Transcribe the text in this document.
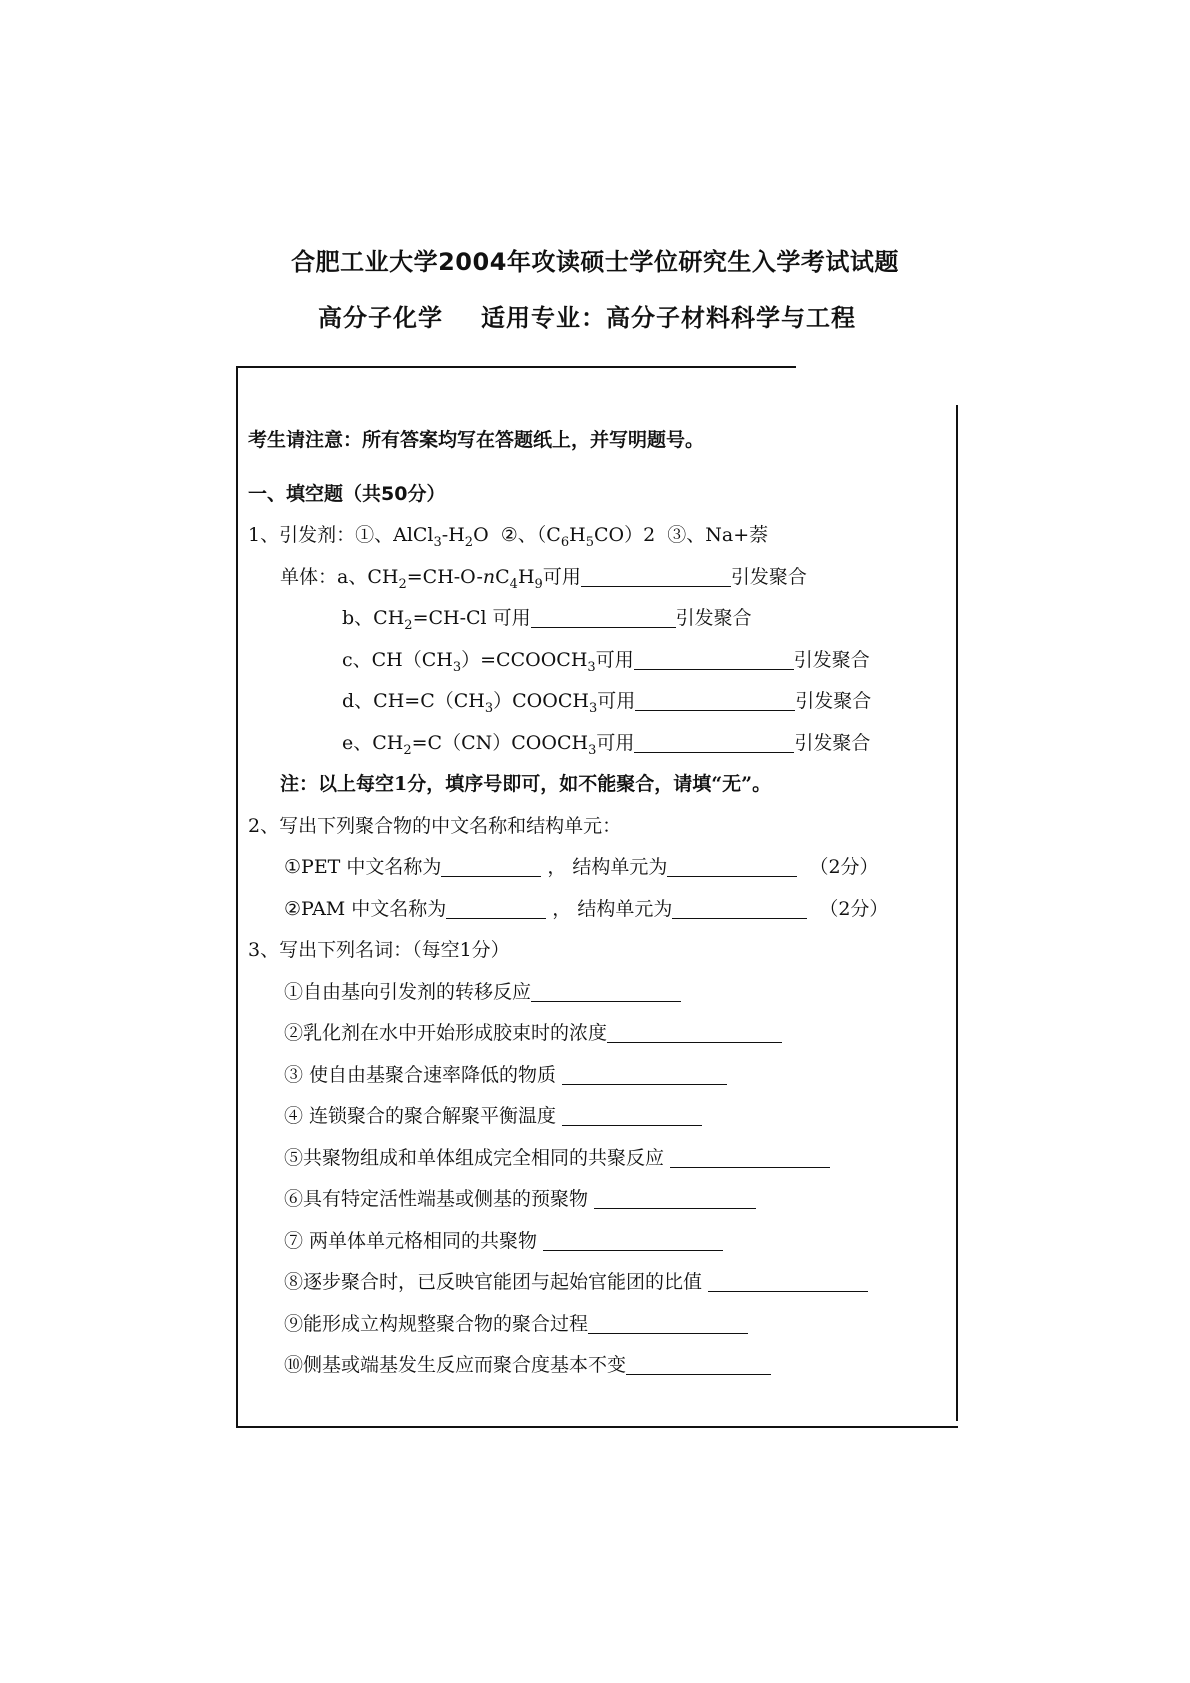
合肥工业大学2004年攻读硕士学位研究生入学考试试题
高分子化学 适用专业：高分子材料科学与工程
考生请注意：所有答案均写在答题纸上，并写明题号。
一、填空题（共50分）
1、引发剂：①、$AlCl_3-H_2O$ ②、$(C_6H_5CO)2$ ③、Na+萘
单体：a、$CH_2=CH-O-nC_4H_9$可用	引发聚合
b、$CH_2=CH-Cl$ 可用	引发聚合
c、$CH(CH_3)=CCOOCH_3$可用	引发聚合
d、$CH=C(CH_3)COOCH_3$可用	引发聚合
e、$CH_2=C(CN)COOCH_3$可用	引发聚合
注：以上每空1分，填序号即可，如不能聚合，请填“无”。
2、写出下列聚合物的中文名称和结构单元：
①PET 中文名称为	， 结构单元为	（2分）
②PAM 中文名称为	， 结构单元为	（2分）
3、写出下列名词：（每空1分）
①自由基向引发剂的转移反应
②乳化剂在水中开始形成胶束时的浓度
③ 使自由基聚合速率降低的物质
④ 连锁聚合的聚合解聚平衡温度
⑤共聚物组成和单体组成完全相同的共聚反应
⑥具有特定活性端基或侧基的预聚物
⑦ 两单体单元格相同的共聚物
⑧逐步聚合时，已反映官能团与起始官能团的比值
⑨能形成立构规整聚合物的聚合过程
⑩侧基或端基发生反应而聚合度基本不变
